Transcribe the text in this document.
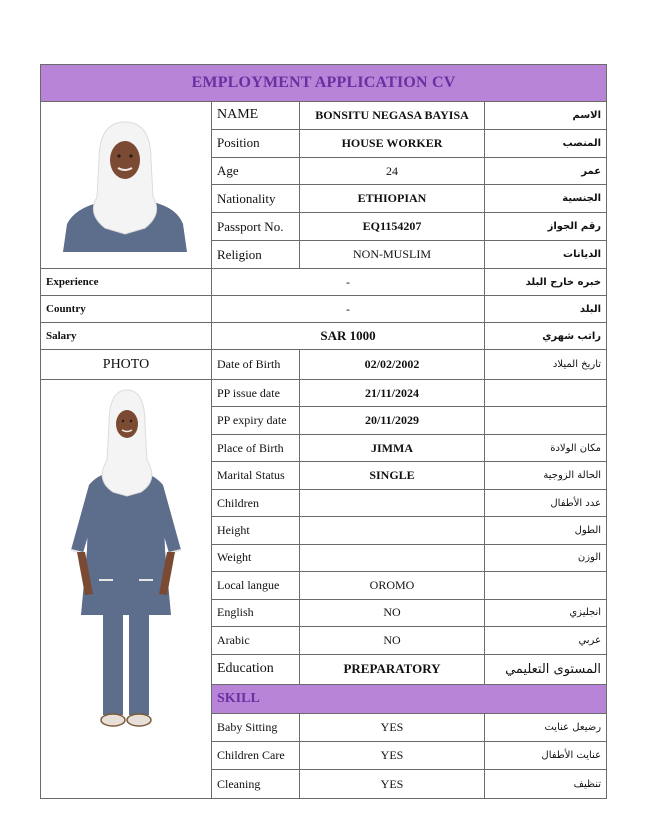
EMPLOYMENT APPLICATION CV			
	NAME	BONSITU NEGASA BAYISA	الاسم
	Position	HOUSE WORKER	المنصب
	Age	24	عمر
	Nationality	ETHIOPIAN	الجنسية
	Passport No.	EQ1154207	رقم الجواز
	Religion	NON-MUSLIM	الديانات
Experience	-		خبره خارج البلد
Country	-		البلد
Salary	SAR 1000		راتب شهري
PHOTO	Date of Birth	02/02/2002	تاريخ الميلاد
	PP issue date	21/11/2024	
	PP expiry date	20/11/2029	
	Place of Birth	JIMMA	مكان الولادة
	Marital Status	SINGLE	الحالة الزوجية
	Children		عدد الأطفال
	Height		الطول
	Weight		الوزن
	Local langue	OROMO	
	English	NO	انجليزي
	Arabic	NO	عربي
	Education	PREPARATORY	المستوى التعليمي
	SKILL		
	Baby Sitting	YES	رضيعل عنايت
	Children Care	YES	عنايت الأطفال
	Cleaning	YES	تنظيف
